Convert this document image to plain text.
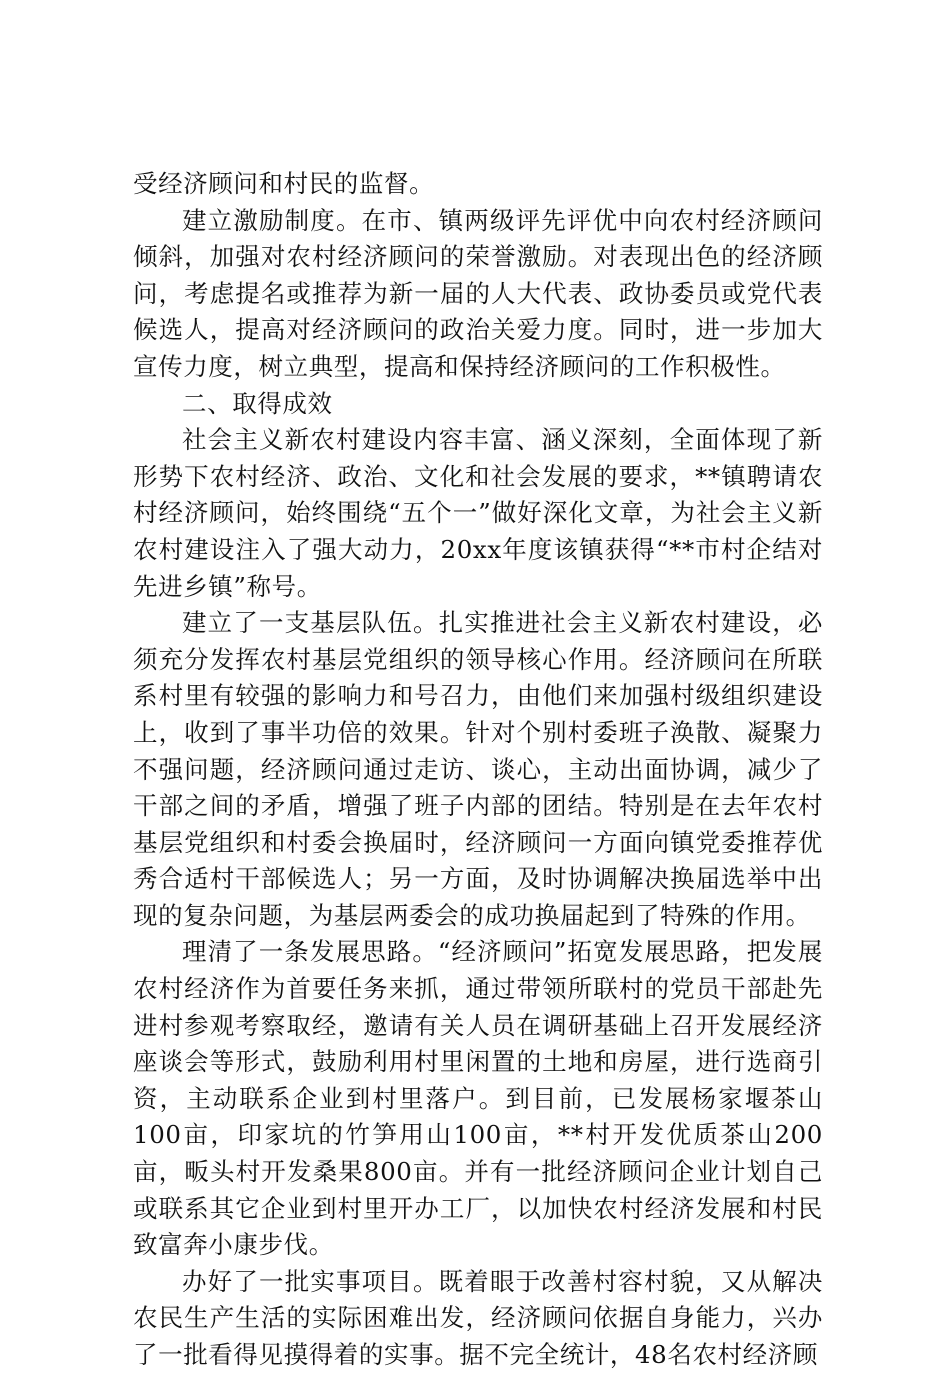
受经济顾问和村民的监督。

建立激励制度。在市、镇两级评先评优中向农村经济顾问倾斜，加强对农村经济顾问的荣誉激励。对表现出色的经济顾问，考虑提名或推荐为新一届的人大代表、政协委员或党代表候选人，提高对经济顾问的政治关爱力度。同时，进一步加大宣传力度，树立典型，提高和保持经济顾问的工作积极性。

二、取得成效

社会主义新农村建设内容丰富、涵义深刻，全面体现了新形势下农村经济、政治、文化和社会发展的要求，**镇聘请农村经济顾问，始终围绕“五个一”做好深化文章，为社会主义新农村建设注入了强大动力，20xx年度该镇获得“**市村企结对先进乡镇”称号。

建立了一支基层队伍。扎实推进社会主义新农村建设，必须充分发挥农村基层党组织的领导核心作用。经济顾问在所联系村里有较强的影响力和号召力，由他们来加强村级组织建设上，收到了事半功倍的效果。针对个别村委班子涣散、凝聚力不强问题，经济顾问通过走访、谈心，主动出面协调，减少了干部之间的矛盾，增强了班子内部的团结。特别是在去年农村基层党组织和村委会换届时，经济顾问一方面向镇党委推荐优秀合适村干部候选人；另一方面，及时协调解决换届选举中出现的复杂问题，为基层两委会的成功换届起到了特殊的作用。

理清了一条发展思路。“经济顾问”拓宽发展思路，把发展农村经济作为首要任务来抓，通过带领所联村的党员干部赴先进村参观考察取经，邀请有关人员在调研基础上召开发展经济座谈会等形式，鼓励利用村里闲置的土地和房屋，进行选商引资，主动联系企业到村里落户。到目前，已发展杨家堰茶山100亩，印家坑的竹笋用山100亩，**村开发优质茶山200亩，畈头村开发桑果800亩。并有一批经济顾问企业计划自己或联系其它企业到村里开办工厂，以加快农村经济发展和村民致富奔小康步伐。

办好了一批实事项目。既着眼于改善村容村貌，又从解决农民生产生活的实际困难出发，经济顾问依据自身能力，兴办了一批看得见摸得着的实事。据不完全统计，48名农村经济顾
